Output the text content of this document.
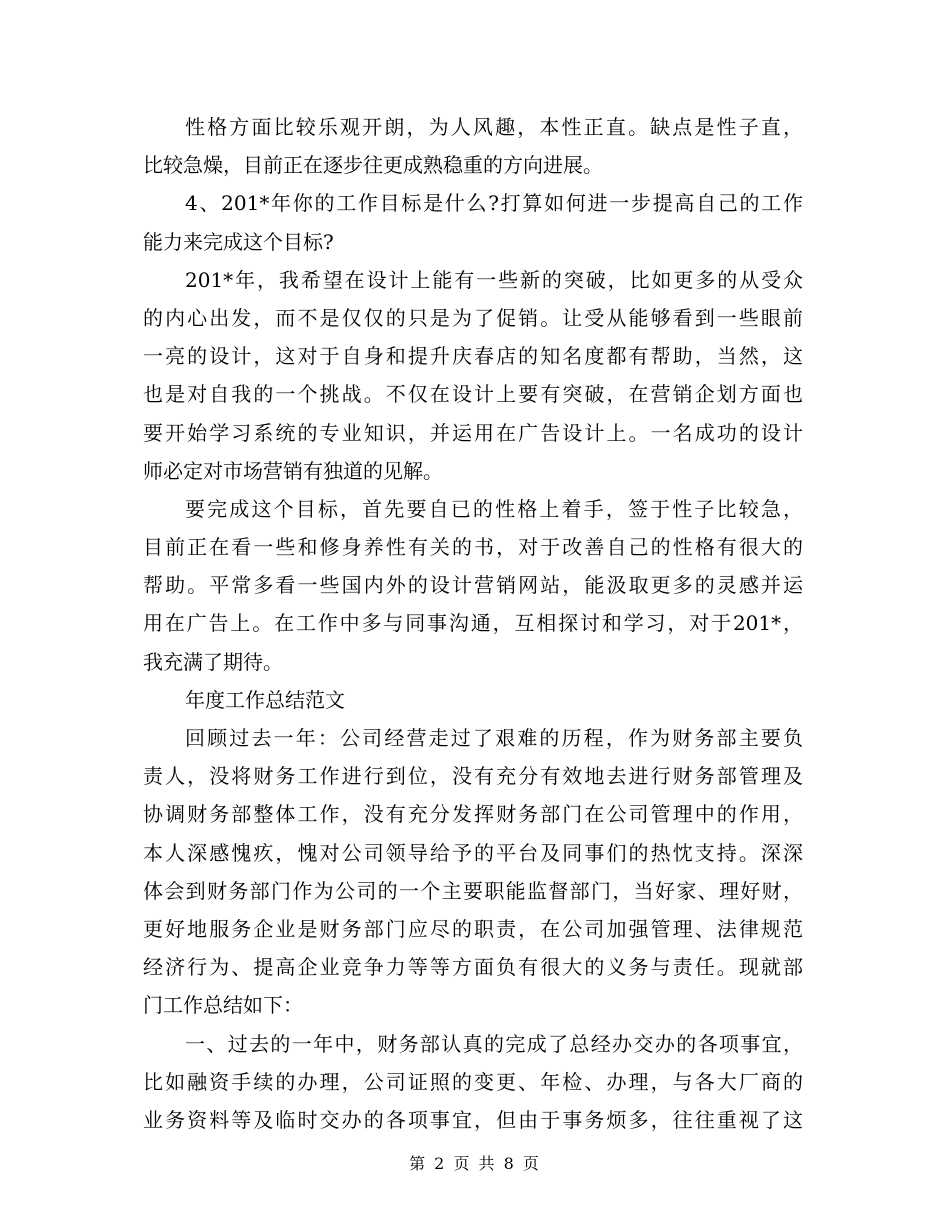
性格方面比较乐观开朗，为人风趣，本性正直。缺点是性子直，
比较急燥，目前正在逐步往更成熟稳重的方向进展。
4、201*年你的工作目标是什么?打算如何进一步提高自己的工作
能力来完成这个目标?
201*年，我希望在设计上能有一些新的突破，比如更多的从受众
的内心出发，而不是仅仅的只是为了促销。让受从能够看到一些眼前
一亮的设计，这对于自身和提升庆春店的知名度都有帮助，当然，这
也是对自我的一个挑战。不仅在设计上要有突破，在营销企划方面也
要开始学习系统的专业知识，并运用在广告设计上。一名成功的设计
师必定对市场营销有独道的见解。
要完成这个目标，首先要自已的性格上着手，签于性子比较急，
目前正在看一些和修身养性有关的书，对于改善自己的性格有很大的
帮助。平常多看一些国内外的设计营销网站，能汲取更多的灵感并运
用在广告上。在工作中多与同事沟通，互相探讨和学习，对于201*，
我充满了期待。
年度工作总结范文
回顾过去一年：公司经营走过了艰难的历程，作为财务部主要负
责人，没将财务工作进行到位，没有充分有效地去进行财务部管理及
协调财务部整体工作，没有充分发挥财务部门在公司管理中的作用，
本人深感愧疚，愧对公司领导给予的平台及同事们的热忱支持。深深
体会到财务部门作为公司的一个主要职能监督部门，当好家、理好财，
更好地服务企业是财务部门应尽的职责，在公司加强管理、法律规范
经济行为、提高企业竞争力等等方面负有很大的义务与责任。现就部
门工作总结如下：
一、过去的一年中，财务部认真的完成了总经办交办的各项事宜，
比如融资手续的办理，公司证照的变更、年检、办理，与各大厂商的
业务资料等及临时交办的各项事宜，但由于事务烦多，往往重视了这
第 2 页 共 8 页
